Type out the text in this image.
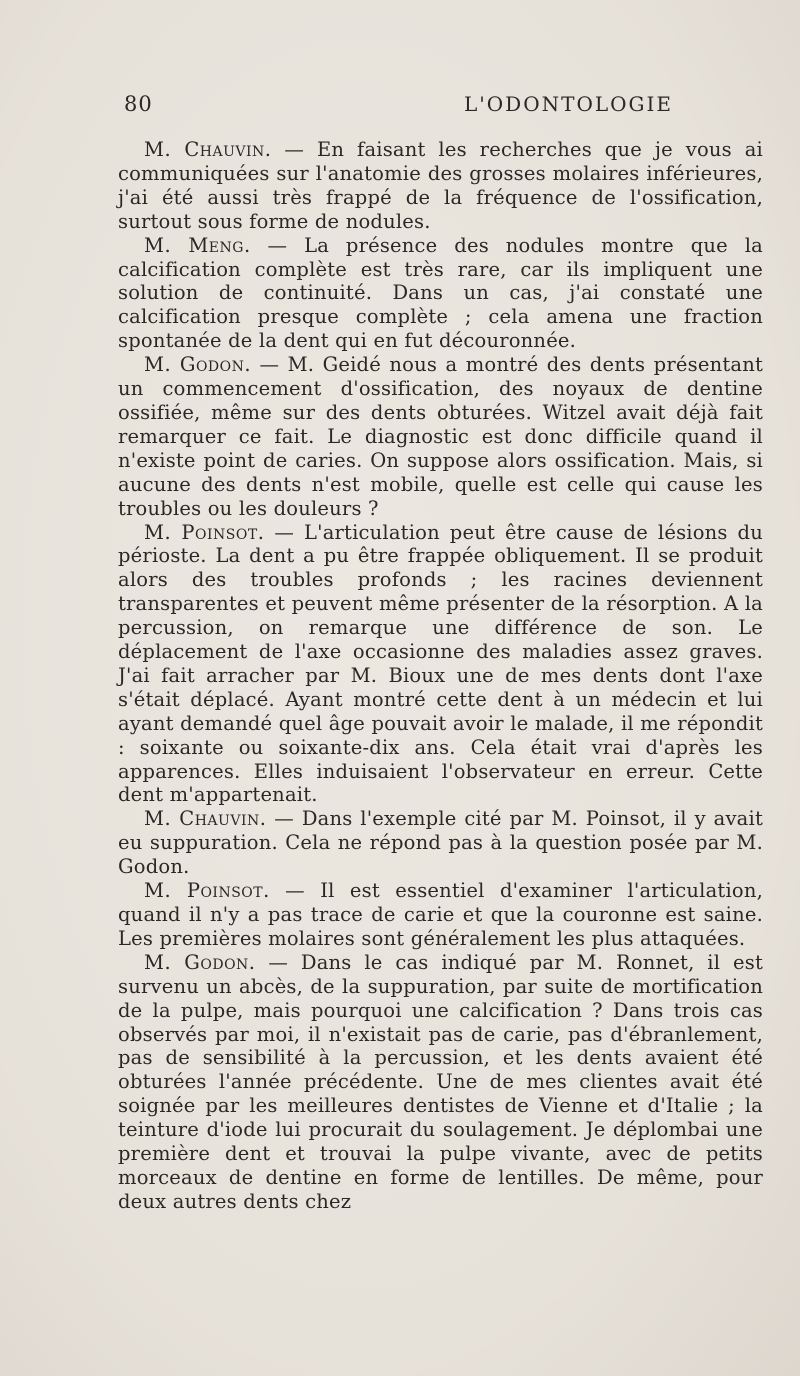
80	L'ODONTOLOGIE

M. Chauvin. — En faisant les recherches que je vous ai communiquées sur l'anatomie des grosses molaires inférieures, j'ai été aussi très frappé de la fréquence de l'ossification, surtout sous forme de nodules.

M. Meng. — La présence des nodules montre que la calcification complète est très rare, car ils impliquent une solution de continuité. Dans un cas, j'ai constaté une calcification presque complète ; cela amena une fraction spontanée de la dent qui en fut découronnée.

M. Godon. — M. Geidé nous a montré des dents présentant un commencement d'ossification, des noyaux de dentine ossifiée, même sur des dents obturées. Witzel avait déjà fait remarquer ce fait. Le diagnostic est donc difficile quand il n'existe point de caries. On suppose alors ossification. Mais, si aucune des dents n'est mobile, quelle est celle qui cause les troubles ou les douleurs ?

M. Poinsot. — L'articulation peut être cause de lésions du périoste. La dent a pu être frappée obliquement. Il se produit alors des troubles profonds ; les racines deviennent transparentes et peuvent même présenter de la résorption. A la percussion, on remarque une différence de son. Le déplacement de l'axe occasionne des maladies assez graves. J'ai fait arracher par M. Bioux une de mes dents dont l'axe s'était déplacé. Ayant montré cette dent à un médecin et lui ayant demandé quel âge pouvait avoir le malade, il me répondit : soixante ou soixante-dix ans. Cela était vrai d'après les apparences. Elles induisaient l'observateur en erreur. Cette dent m'appartenait.

M. Chauvin. — Dans l'exemple cité par M. Poinsot, il y avait eu suppuration. Cela ne répond pas à la question posée par M. Godon.

M. Poinsot. — Il est essentiel d'examiner l'articulation, quand il n'y a pas trace de carie et que la couronne est saine. Les premières molaires sont généralement les plus attaquées.

M. Godon. — Dans le cas indiqué par M. Ronnet, il est survenu un abcès, de la suppuration, par suite de mortification de la pulpe, mais pourquoi une calcification ? Dans trois cas observés par moi, il n'existait pas de carie, pas d'ébranlement, pas de sensibilité à la percussion, et les dents avaient été obturées l'année précédente. Une de mes clientes avait été soignée par les meilleures dentistes de Vienne et d'Italie ; la teinture d'iode lui procurait du soulagement. Je déplombai une première dent et trouvai la pulpe vivante, avec de petits morceaux de dentine en forme de lentilles. De même, pour deux autres dents chez
